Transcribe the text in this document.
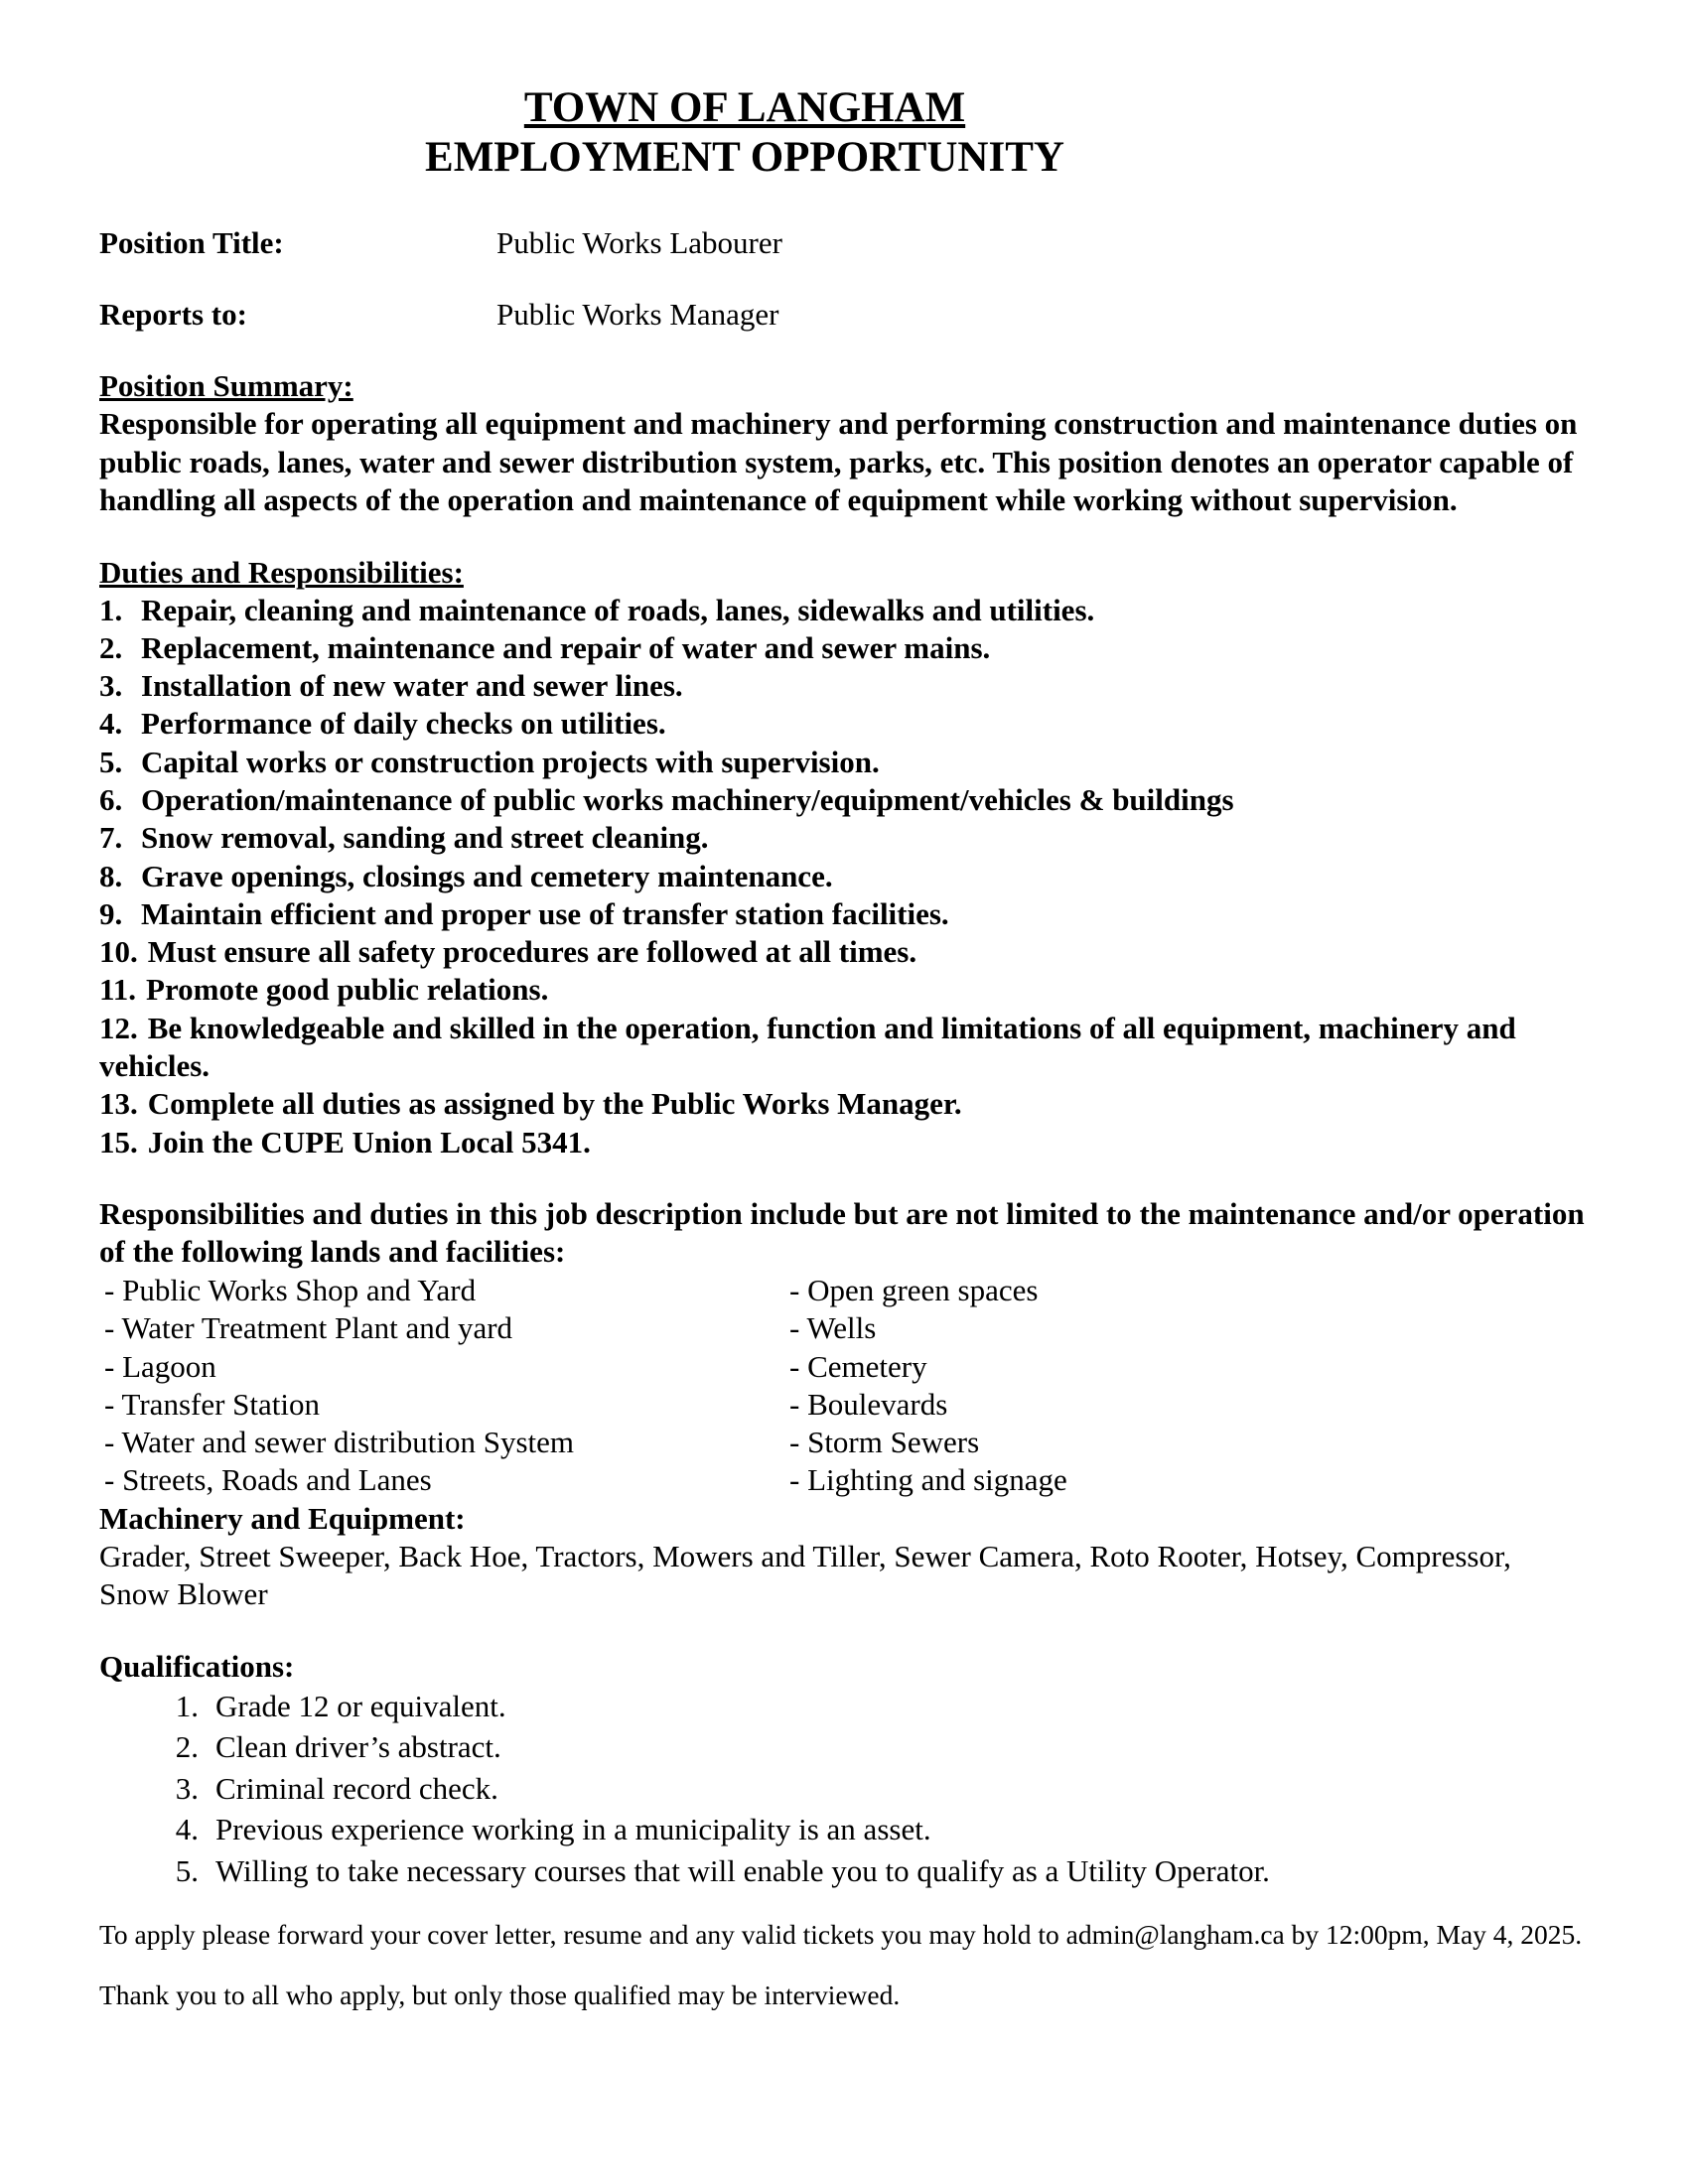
TOWN OF LANGHAM
EMPLOYMENT OPPORTUNITY
Position Title:	Public Works Labourer
Reports to:	Public Works Manager
Position Summary:
Responsible for operating all equipment and machinery and performing construction and maintenance duties on public roads, lanes, water and sewer distribution system, parks, etc. This position denotes an operator capable of handling all aspects of the operation and maintenance of equipment while working without supervision.
Duties and Responsibilities:
1. Repair, cleaning and maintenance of roads, lanes, sidewalks and utilities.
2. Replacement, maintenance and repair of water and sewer mains.
3. Installation of new water and sewer lines.
4. Performance of daily checks on utilities.
5. Capital works or construction projects with supervision.
6. Operation/maintenance of public works machinery/equipment/vehicles & buildings
7. Snow removal, sanding and street cleaning.
8. Grave openings, closings and cemetery maintenance.
9. Maintain efficient and proper use of transfer station facilities.
10. Must ensure all safety procedures are followed at all times.
11. Promote good public relations.
12. Be knowledgeable and skilled in the operation, function and limitations of all equipment, machinery and vehicles.
13. Complete all duties as assigned by the Public Works Manager.
15. Join the CUPE Union Local 5341.
Responsibilities and duties in this job description include but are not limited to the maintenance and/or operation of the following lands and facilities:
- Public Works Shop and Yard
- Water Treatment Plant and yard
- Lagoon
- Transfer Station
- Water and sewer distribution System
- Streets, Roads and Lanes
- Open green spaces
- Wells
- Cemetery
- Boulevards
- Storm Sewers
- Lighting and signage
Machinery and Equipment:
Grader, Street Sweeper, Back Hoe, Tractors, Mowers and Tiller, Sewer Camera, Roto Rooter, Hotsey, Compressor, Snow Blower
Qualifications:
1. Grade 12 or equivalent.
2. Clean driver’s abstract.
3. Criminal record check.
4. Previous experience working in a municipality is an asset.
5. Willing to take necessary courses that will enable you to qualify as a Utility Operator.
To apply please forward your cover letter, resume and any valid tickets you may hold to admin@langham.ca by 12:00pm, May 4, 2025.
Thank you to all who apply, but only those qualified may be interviewed.
